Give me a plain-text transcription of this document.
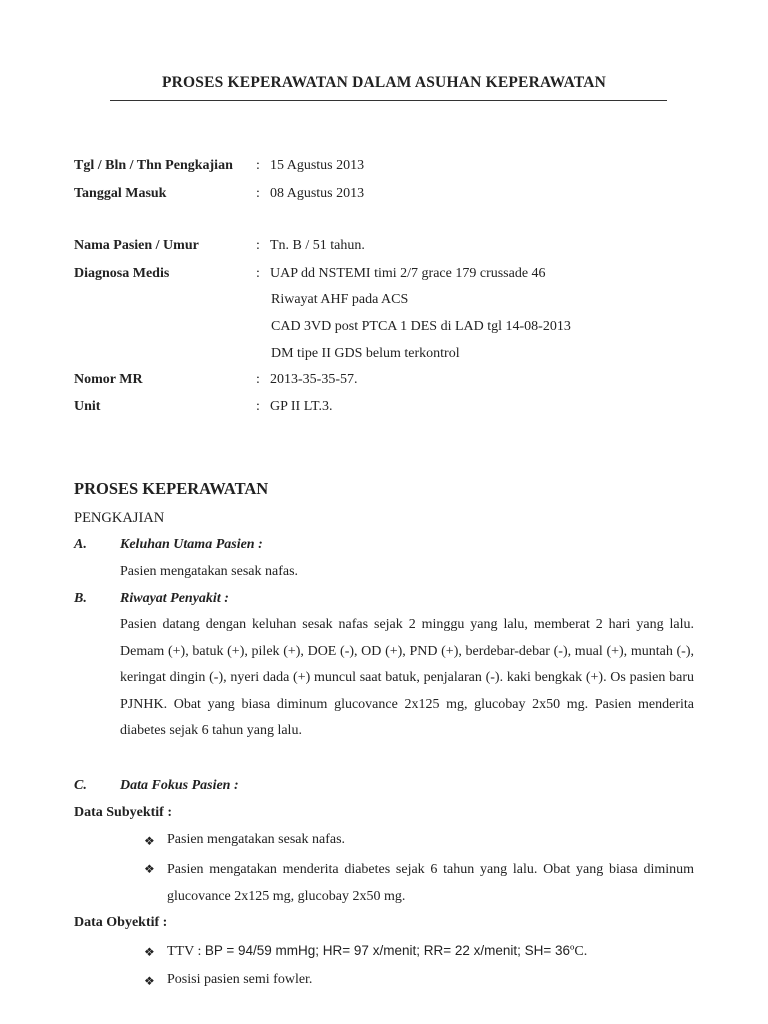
PROSES KEPERAWATAN DALAM ASUHAN KEPERAWATAN
Tgl / Bln / Thn Pengkajian : 15 Agustus 2013
Tanggal Masuk	: 08 Agustus 2013
Nama Pasien / Umur	: Tn. B / 51 tahun.
Diagnosa Medis	: UAP dd NSTEMI timi 2/7 grace 179 crussade 46
Riwayat AHF pada ACS
CAD 3VD post PTCA 1 DES di LAD tgl 14-08-2013
DM tipe II GDS belum terkontrol
Nomor MR	: 2013-35-35-57.
Unit	: GP II LT.3.
PROSES KEPERAWATAN
PENGKAJIAN
A. Keluhan Utama Pasien :
Pasien mengatakan sesak nafas.
B. Riwayat Penyakit :
Pasien datang dengan keluhan sesak nafas sejak 2 minggu yang lalu, memberat 2 hari yang lalu. Demam (+), batuk (+), pilek (+), DOE (-), OD (+), PND (+), berdebar-debar (-), mual (+), muntah (-), keringat dingin (-), nyeri dada (+) muncul saat batuk, penjalaran (-). kaki bengkak (+). Os pasien baru PJNHK. Obat yang biasa diminum glucovance 2x125 mg, glucobay 2x50 mg. Pasien menderita diabetes sejak 6 tahun yang lalu.
C. Data Fokus Pasien :
Data Subyektif :
❖ Pasien mengatakan sesak nafas.
❖ Pasien mengatakan menderita diabetes sejak 6 tahun yang lalu. Obat yang biasa diminum glucovance 2x125 mg, glucobay 2x50 mg.
Data Obyektif :
❖ TTV : BP = 94/59 mmHg; HR= 97 x/menit; RR= 22 x/menit; SH= 36ºC.
❖ Posisi pasien semi fowler.
